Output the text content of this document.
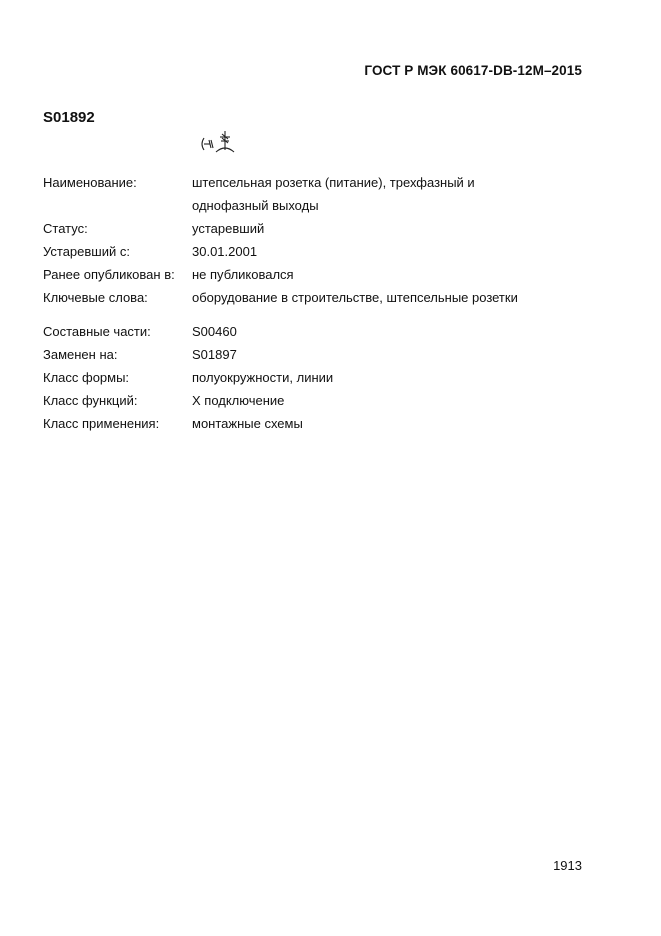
ГОСТ Р МЭК 60617-DB-12M–2015
S01892
Наименование:	штепсельная розетка (питание), трехфазный и
однофазный выходы
Статус:	устаревший
Устаревший с:	30.01.2001
Ранее опубликован в:	не публиковался
Ключевые слова:	оборудование в строительстве, штепсельные розетки
Составные части:	S00460
Заменен на:	S01897
Класс формы:	полуокружности, линии
Класс функций:	X подключение
Класс применения:	монтажные схемы
1913
